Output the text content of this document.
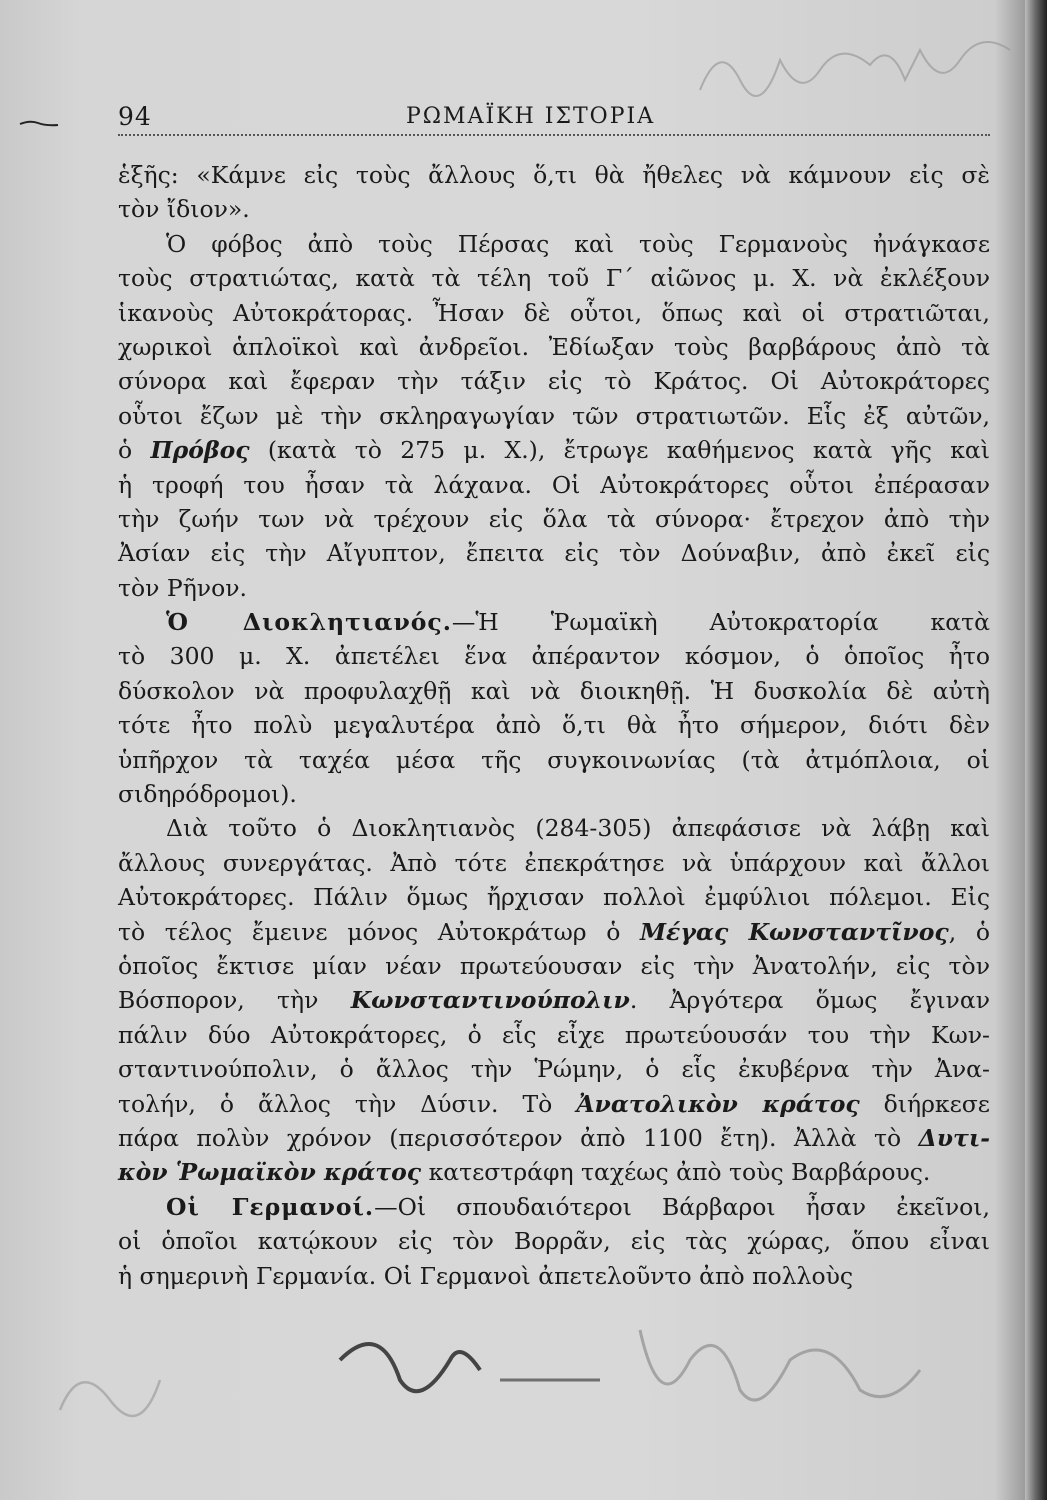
94	ΡΩΜΑΪΚΗ ΙΣΤΟΡΙΑ
ἑξῆς: «Κάμνε εἰς τοὺς ἄλλους ὅ,τι θὰ ἤθελες νὰ κάμνουν εἰς σὲ
τὸν ἴδιον».
Ὁ φόβος ἀπὸ τοὺς Πέρσας καὶ τοὺς Γερμανοὺς ἠνάγκασε
τοὺς στρατιώτας, κατὰ τὰ τέλη τοῦ Γ΄ αἰῶνος μ. Χ. νὰ ἐκλέξουν
ἱκανοὺς Αὐτοκράτορας. Ἦσαν δὲ οὗτοι, ὅπως καὶ οἱ στρατιῶται,
χωρικοὶ ἁπλοϊκοὶ καὶ ἀνδρεῖοι. Ἐδίωξαν τοὺς βαρβάρους ἀπὸ τὰ
σύνορα καὶ ἔφεραν τὴν τάξιν εἰς τὸ Κράτος. Οἱ Αὐτοκράτορες
οὗτοι ἔζων μὲ τὴν σκληραγωγίαν τῶν στρατιωτῶν. Εἷς ἐξ αὐτῶν,
ὁ Πρόβος (κατὰ τὸ 275 μ. Χ.), ἔτρωγε καθήμενος κατὰ γῆς καὶ
ἡ τροφή του ἦσαν τὰ λάχανα. Οἱ Αὐτοκράτορες οὗτοι ἐπέρασαν
τὴν ζωήν των νὰ τρέχουν εἰς ὅλα τὰ σύνορα· ἔτρεχον ἀπὸ τὴν
Ἀσίαν εἰς τὴν Αἴγυπτον, ἔπειτα εἰς τὸν Δούναβιν, ἀπὸ ἐκεῖ εἰς
τὸν Ρῆνον.
Ὁ Διοκλητιανός.—Ἡ Ῥωμαϊκὴ Αὐτοκρατορία κατὰ
τὸ 300 μ. Χ. ἀπετέλει ἕνα ἀπέραντον κόσμον, ὁ ὁποῖος ἦτο
δύσκολον νὰ προφυλαχθῇ καὶ νὰ διοικηθῇ. Ἡ δυσκολία δὲ αὐτὴ
τότε ἦτο πολὺ μεγαλυτέρα ἀπὸ ὅ,τι θὰ ἦτο σήμερον, διότι δὲν
ὑπῆρχον τὰ ταχέα μέσα τῆς συγκοινωνίας (τὰ ἀτμόπλοια, οἱ
σιδηρόδρομοι).
Διὰ τοῦτο ὁ Διοκλητιανὸς (284-305) ἀπεφάσισε νὰ λάβῃ καὶ
ἄλλους συνεργάτας. Ἀπὸ τότε ἐπεκράτησε νὰ ὑπάρχουν καὶ ἄλλοι
Αὐτοκράτορες. Πάλιν ὅμως ἤρχισαν πολλοὶ ἐμφύλιοι πόλεμοι. Εἰς
τὸ τέλος ἔμεινε μόνος Αὐτοκράτωρ ὁ Μέγας Κωνσταντῖνος, ὁ
ὁποῖος ἔκτισε μίαν νέαν πρωτεύουσαν εἰς τὴν Ἀνατολήν, εἰς τὸν
Βόσπορον, τὴν Κωνσταντινούπολιν. Ἀργότερα ὅμως ἔγιναν
πάλιν δύο Αὐτοκράτορες, ὁ εἷς εἶχε πρωτεύουσάν του τὴν Κων-
σταντινούπολιν, ὁ ἄλλος τὴν Ῥώμην, ὁ εἷς ἐκυβέρνα τὴν Ἀνα-
τολήν, ὁ ἄλλος τὴν Δύσιν. Τὸ Ἀνατολικὸν κράτος διήρκεσε
πάρα πολὺν χρόνον (περισσότερον ἀπὸ 1100 ἔτη). Ἀλλὰ τὸ Δυτι-
κὸν Ῥωμαϊκὸν κράτος κατεστράφη ταχέως ἀπὸ τοὺς Βαρβάρους.
Οἱ Γερμανοί.—Οἱ σπουδαιότεροι Βάρβαροι ἦσαν ἐκεῖνοι,
οἱ ὁποῖοι κατῴκουν εἰς τὸν Βορρᾶν, εἰς τὰς χώρας, ὅπου εἶναι
ἡ σημερινὴ Γερμανία. Οἱ Γερμανοὶ ἀπετελοῦντο ἀπὸ πολλοὺς
